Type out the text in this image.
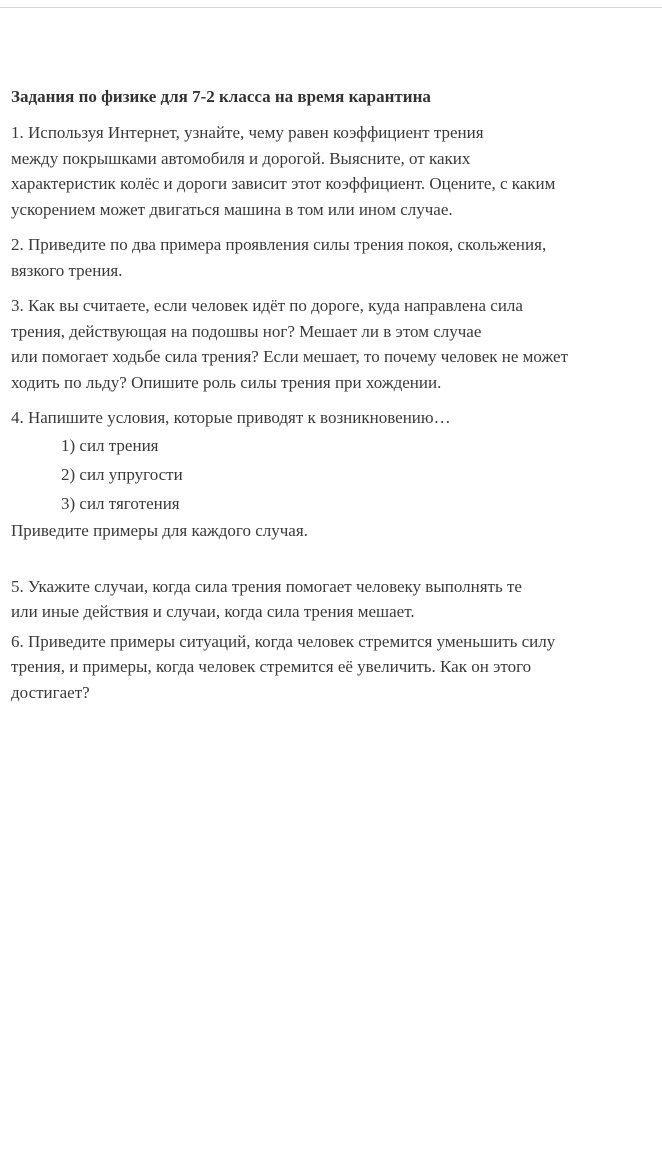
Задания по физике для 7-2 класса на время карантина
1. Используя Интернет, узнайте, чему равен коэффициент трения
между покрышками автомобиля и дорогой. Выясните, от каких
характеристик колёс и дороги зависит этот коэффициент. Оцените, с каким
ускорением может двигаться машина в том или ином случае.
2. Приведите по два примера проявления силы трения покоя, скольжения,
вязкого трения.
3. Как вы считаете, если человек идёт по дороге, куда направлена сила
трения, действующая на подошвы ног? Мешает ли в этом случае
или помогает ходьбе сила трения? Если мешает, то почему человек не может
ходить по льду? Опишите роль силы трения при хождении.
4. Напишите условия, которые приводят к возникновению…
1) сил трения
2) сил упругости
3) сил тяготения
Приведите примеры для каждого случая.
5. Укажите случаи, когда сила трения помогает человеку выполнять те
или иные действия и случаи, когда сила трения мешает.
6. Приведите примеры ситуаций, когда человек стремится уменьшить силу
трения, и примеры, когда человек стремится её увеличить. Как он этого
достигает?
